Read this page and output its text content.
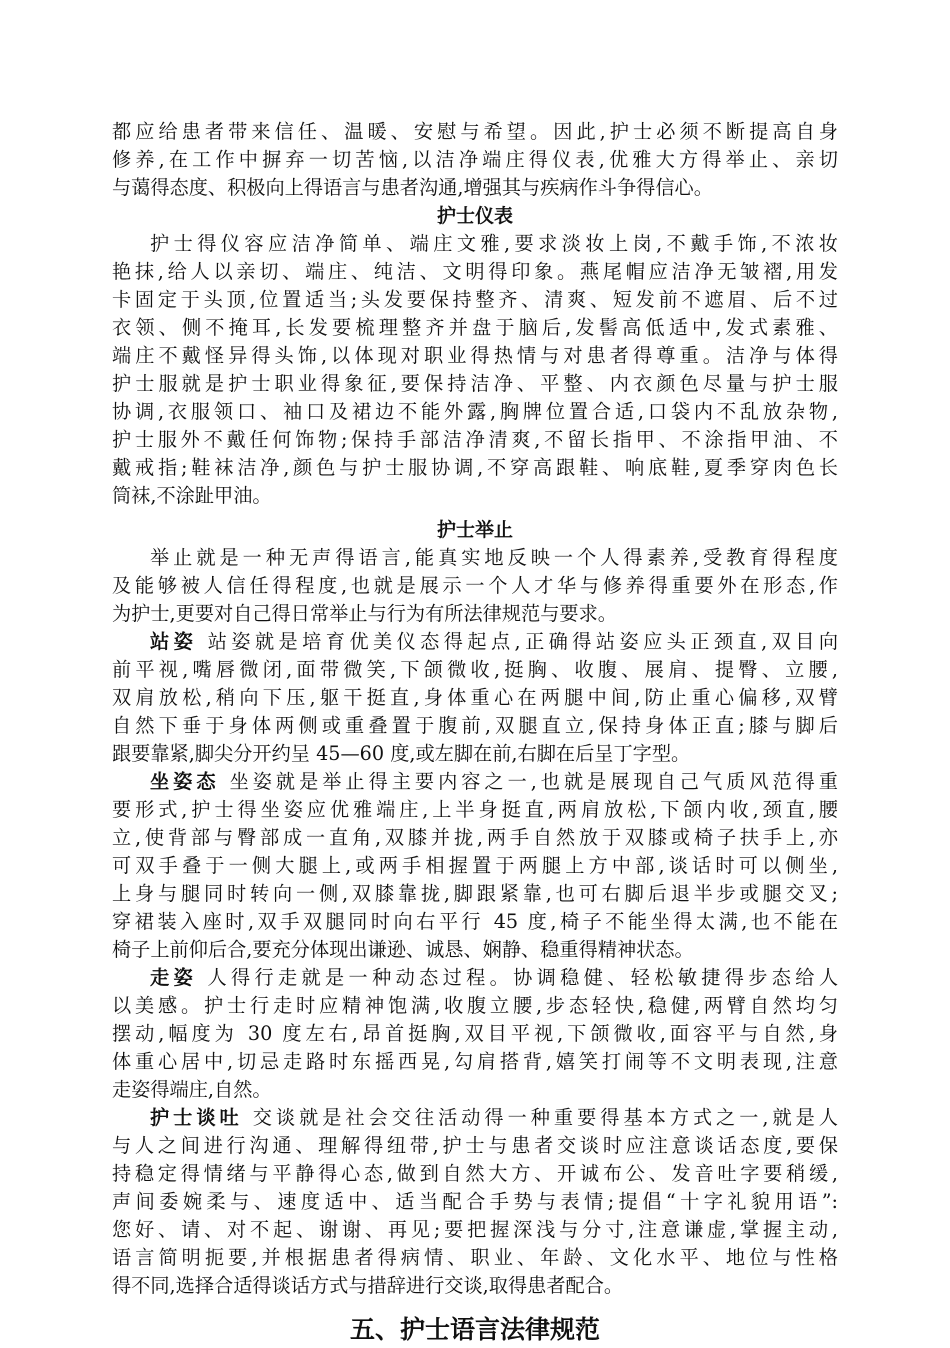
都应给患者带来信任、温暖、安慰与希望。因此,护士必须不断提高自身
修养,在工作中摒弃一切苦恼,以洁净端庄得仪表,优雅大方得举止、亲切
与蔼得态度、积极向上得语言与患者沟通,增强其与疾病作斗争得信心。
护士仪表
护士得仪容应洁净简单、端庄文雅,要求淡妆上岗,不戴手饰,不浓妆
艳抹,给人以亲切、端庄、纯洁、文明得印象。燕尾帽应洁净无皱褶,用发
卡固定于头顶,位置适当;头发要保持整齐、清爽、短发前不遮眉、后不过
衣领、侧不掩耳,长发要梳理整齐并盘于脑后,发髻高低适中,发式素雅、
端庄不戴怪异得头饰,以体现对职业得热情与对患者得尊重。洁净与体得
护士服就是护士职业得象征,要保持洁净、平整、内衣颜色尽量与护士服
协调,衣服领口、袖口及裙边不能外露,胸牌位置合适,口袋内不乱放杂物,
护士服外不戴任何饰物;保持手部洁净清爽,不留长指甲、不涂指甲油、不
戴戒指;鞋袜洁净,颜色与护士服协调,不穿高跟鞋、响底鞋,夏季穿肉色长
筒袜,不涂趾甲油。
护士举止
举止就是一种无声得语言,能真实地反映一个人得素养,受教育得程度
及能够被人信任得程度,也就是展示一个人才华与修养得重要外在形态,作
为护士,更要对自己得日常举止与行为有所法律规范与要求。
站姿 站姿就是培育优美仪态得起点,正确得站姿应头正颈直,双目向
前平视,嘴唇微闭,面带微笑,下颌微收,挺胸、收腹、展肩、提臀、立腰,
双肩放松,稍向下压,躯干挺直,身体重心在两腿中间,防止重心偏移,双臂
自然下垂于身体两侧或重叠置于腹前,双腿直立,保持身体正直;膝与脚后
跟要靠紧,脚尖分开约呈 45—60 度,或左脚在前,右脚在后呈丁字型。
坐姿态 坐姿就是举止得主要内容之一,也就是展现自己气质风范得重
要形式,护士得坐姿应优雅端庄,上半身挺直,两肩放松,下颌内收,颈直,腰
立,使背部与臀部成一直角,双膝并拢,两手自然放于双膝或椅子扶手上,亦
可双手叠于一侧大腿上,或两手相握置于两腿上方中部,谈话时可以侧坐,
上身与腿同时转向一侧,双膝靠拢,脚跟紧靠,也可右脚后退半步或腿交叉;
穿裙装入座时,双手双腿同时向右平行 45 度,椅子不能坐得太满,也不能在
椅子上前仰后合,要充分体现出谦逊、诚恳、娴静、稳重得精神状态。
走姿 人得行走就是一种动态过程。协调稳健、轻松敏捷得步态给人
以美感。护士行走时应精神饱满,收腹立腰,步态轻快,稳健,两臂自然均匀
摆动,幅度为 30 度左右,昂首挺胸,双目平视,下颌微收,面容平与自然,身
体重心居中,切忌走路时东摇西晃,勾肩搭背,嬉笑打闹等不文明表现,注意
走姿得端庄,自然。
护士谈吐 交谈就是社会交往活动得一种重要得基本方式之一,就是人
与人之间进行沟通、理解得纽带,护士与患者交谈时应注意谈话态度,要保
持稳定得情绪与平静得心态,做到自然大方、开诚布公、发音吐字要稍缓,
声间委婉柔与、速度适中、适当配合手势与表情;提倡“十字礼貌用语”:
您好、请、对不起、谢谢、再见;要把握深浅与分寸,注意谦虚,掌握主动,
语言简明扼要,并根据患者得病情、职业、年龄、文化水平、地位与性格
得不同,选择合适得谈话方式与措辞进行交谈,取得患者配合。
五、护士语言法律规范
